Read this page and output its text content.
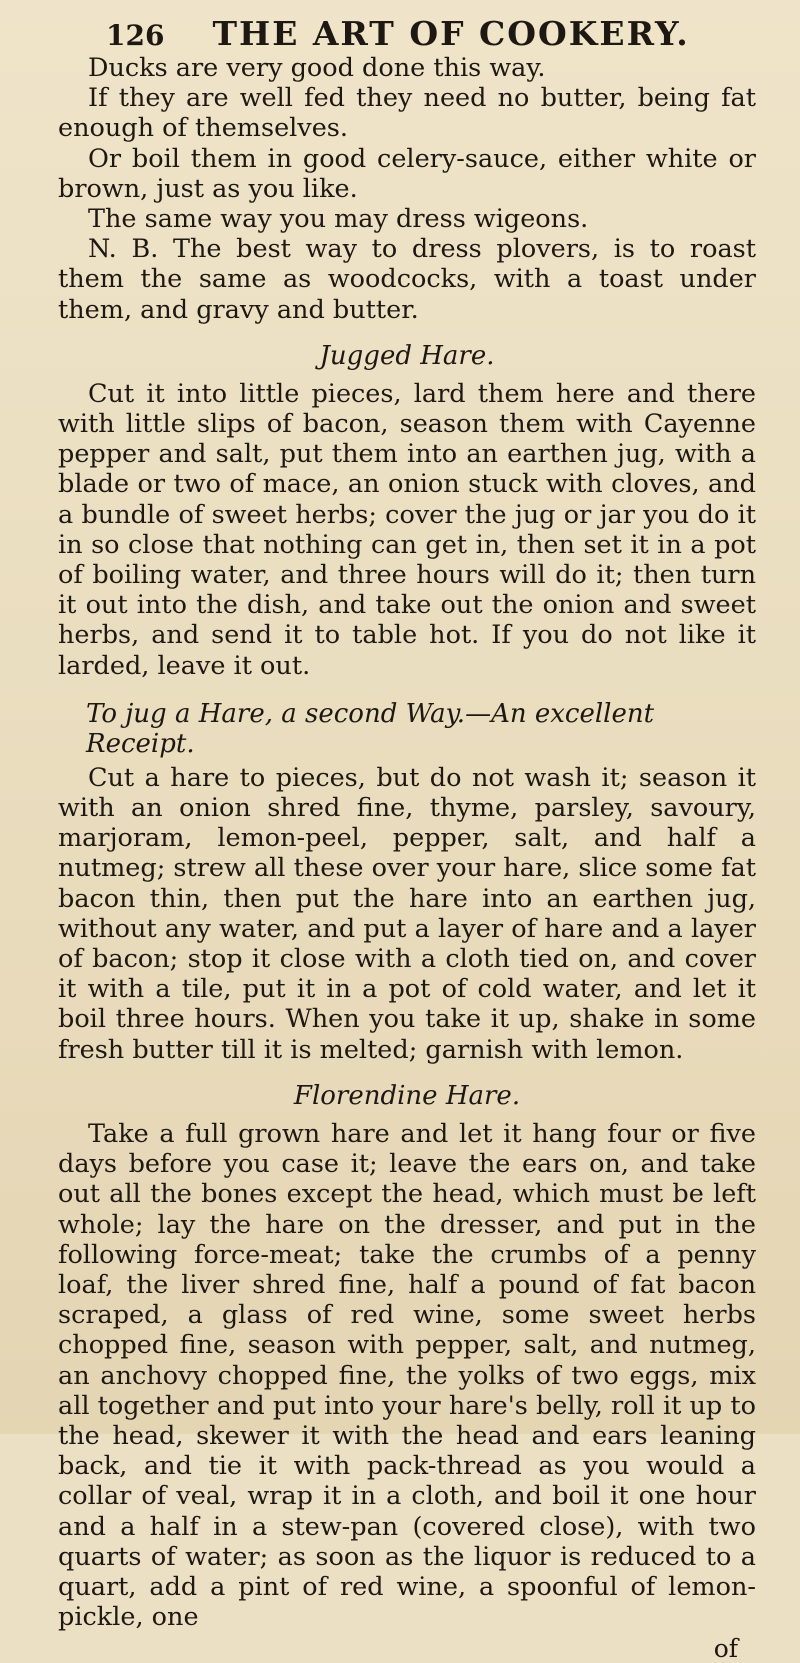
126 THE ART OF COOKERY.

Ducks are very good done this way.

If they are well fed they need no butter, being fat enough of themselves.

Or boil them in good celery-sauce, either white or brown, just as you like.

The same way you may dress wigeons.

N. B. The best way to dress plovers, is to roast them the same as woodcocks, with a toast under them, and gravy and butter.

Jugged Hare.

Cut it into little pieces, lard them here and there with little slips of bacon, season them with Cayenne pepper and salt, put them into an earthen jug, with a blade or two of mace, an onion stuck with cloves, and a bundle of sweet herbs; cover the jug or jar you do it in so close that nothing can get in, then set it in a pot of boiling water, and three hours will do it; then turn it out into the dish, and take out the onion and sweet herbs, and send it to table hot. If you do not like it larded, leave it out.

To jug a Hare, a second Way.—An excellent Receipt.

Cut a hare to pieces, but do not wash it; season it with an onion shred fine, thyme, parsley, savoury, marjoram, lemon-peel, pepper, salt, and half a nutmeg; strew all these over your hare, slice some fat bacon thin, then put the hare into an earthen jug, without any water, and put a layer of hare and a layer of bacon; stop it close with a cloth tied on, and cover it with a tile, put it in a pot of cold water, and let it boil three hours. When you take it up, shake in some fresh butter till it is melted; garnish with lemon.

Florendine Hare.

Take a full grown hare and let it hang four or five days before you case it; leave the ears on, and take out all the bones except the head, which must be left whole; lay the hare on the dresser, and put in the following force-meat; take the crumbs of a penny loaf, the liver shred fine, half a pound of fat bacon scraped, a glass of red wine, some sweet herbs chopped fine, season with pepper, salt, and nutmeg, an anchovy chopped fine, the yolks of two eggs, mix all together and put into your hare's belly, roll it up to the head, skewer it with the head and ears leaning back, and tie it with pack-thread as you would a collar of veal, wrap it in a cloth, and boil it one hour and a half in a stew-pan (covered close), with two quarts of water; as soon as the liquor is reduced to a quart, add a pint of red wine, a spoonful of lemon-pickle, one

of
